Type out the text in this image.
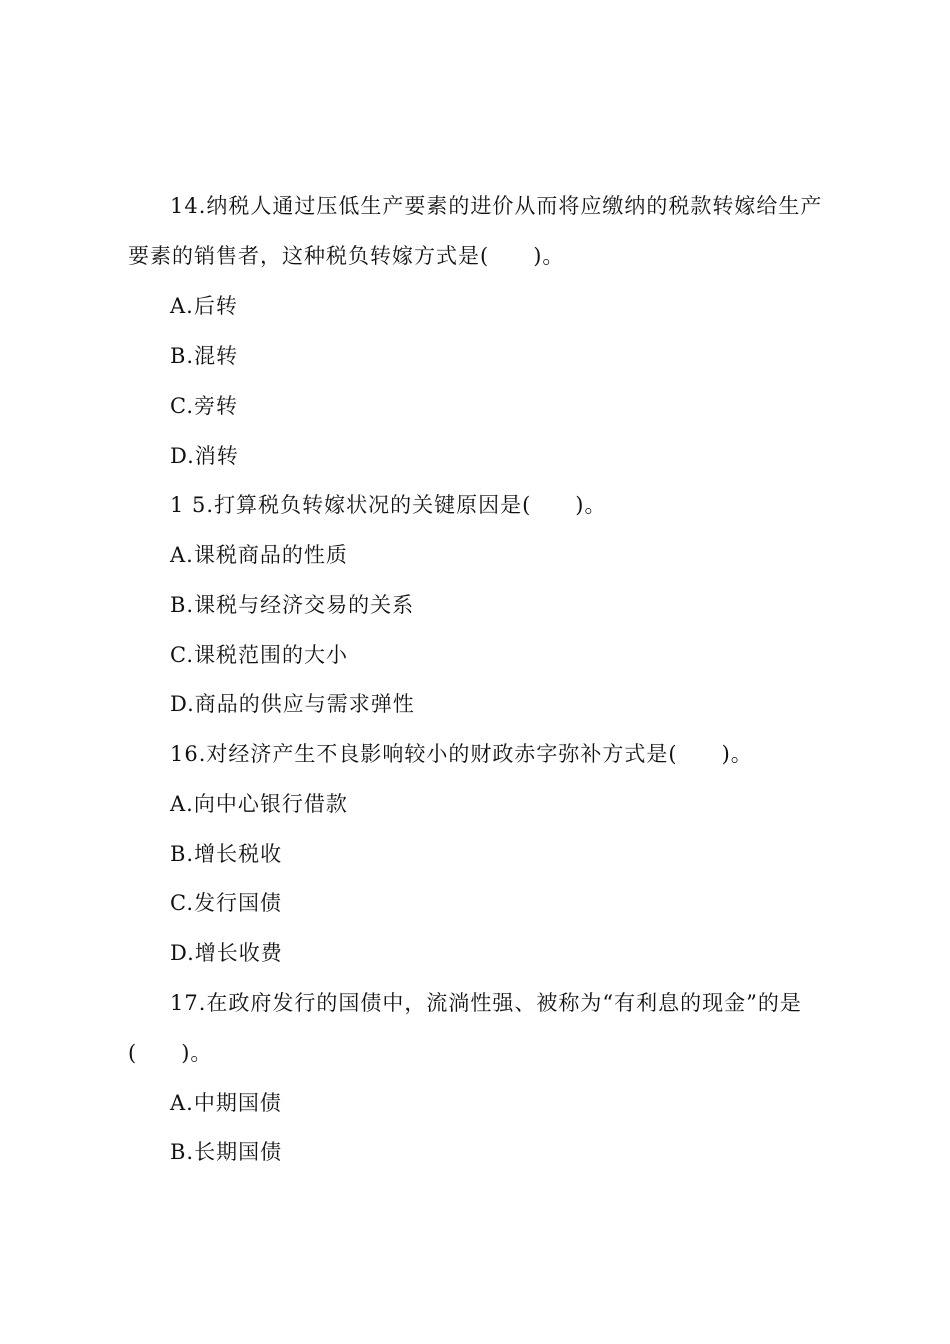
14.纳税人通过压低生产要素的进价从而将应缴纳的税款转嫁给生产
要素的销售者，这种税负转嫁方式是(　　)。
A.后转
B.混转
C.旁转
D.消转
1 5.打算税负转嫁状况的关键原因是(　　)。
A.课税商品的性质
B.课税与经济交易的关系
C.课税范围的大小
D.商品的供应与需求弹性
16.对经济产生不良影响较小的财政赤字弥补方式是(　　)。
A.向中心银行借款
B.增长税收
C.发行国债
D.增长收费
17.在政府发行的国债中，流淌性强、被称为“有利息的现金”的是
(　　)。
A.中期国债
B.长期国债
